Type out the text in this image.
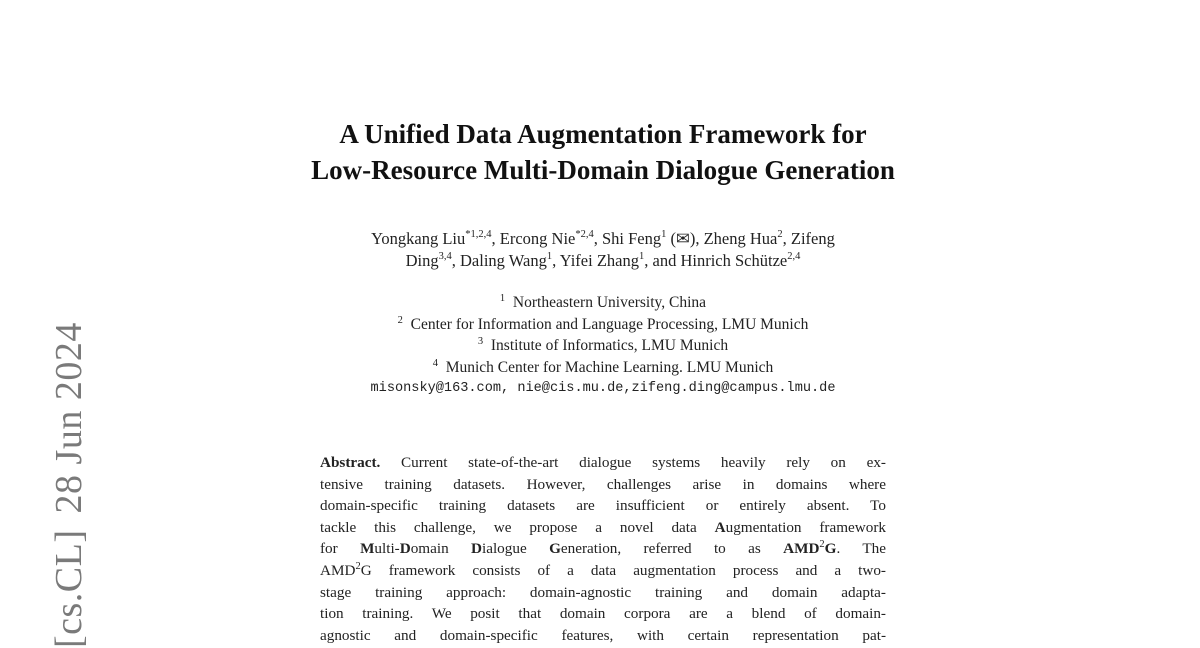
[cs.CL]28 Jun 2024
A Unified Data Augmentation Framework for
Low-Resource Multi-Domain Dialogue Generation
Yongkang Liu$^{*1,2,4}$, Ercong Nie$^{*2,4}$, Shi Feng$^1$ (✉), Zheng Hua$^2$, Zifeng
Ding$^{3,4}$, Daling Wang$^1$, Yifei Zhang$^1$, and Hinrich Schütze$^{2,4}$
$^1$ Northeastern University, China
$^2$ Center for Information and Language Processing, LMU Munich
$^3$ Institute of Informatics, LMU Munich
$^4$ Munich Center for Machine Learning. LMU Munich
misonsky@163.com, nie@cis.mu.de,zifeng.ding@campus.lmu.de
Abstract. Current state-of-the-art dialogue systems heavily rely on ex-
tensive training datasets. However, challenges arise in domains where
domain-specific training datasets are insufficient or entirely absent. To
tackle this challenge, we propose a novel data Augmentation framework
for Multi-Domain Dialogue Generation, referred to as AMD$^2$G. The
AMD$^2$G framework consists of a data augmentation process and a two-
stage training approach: domain-agnostic training and domain adapta-
tion training. We posit that domain corpora are a blend of domain-
agnostic and domain-specific features, with certain representation pat-
